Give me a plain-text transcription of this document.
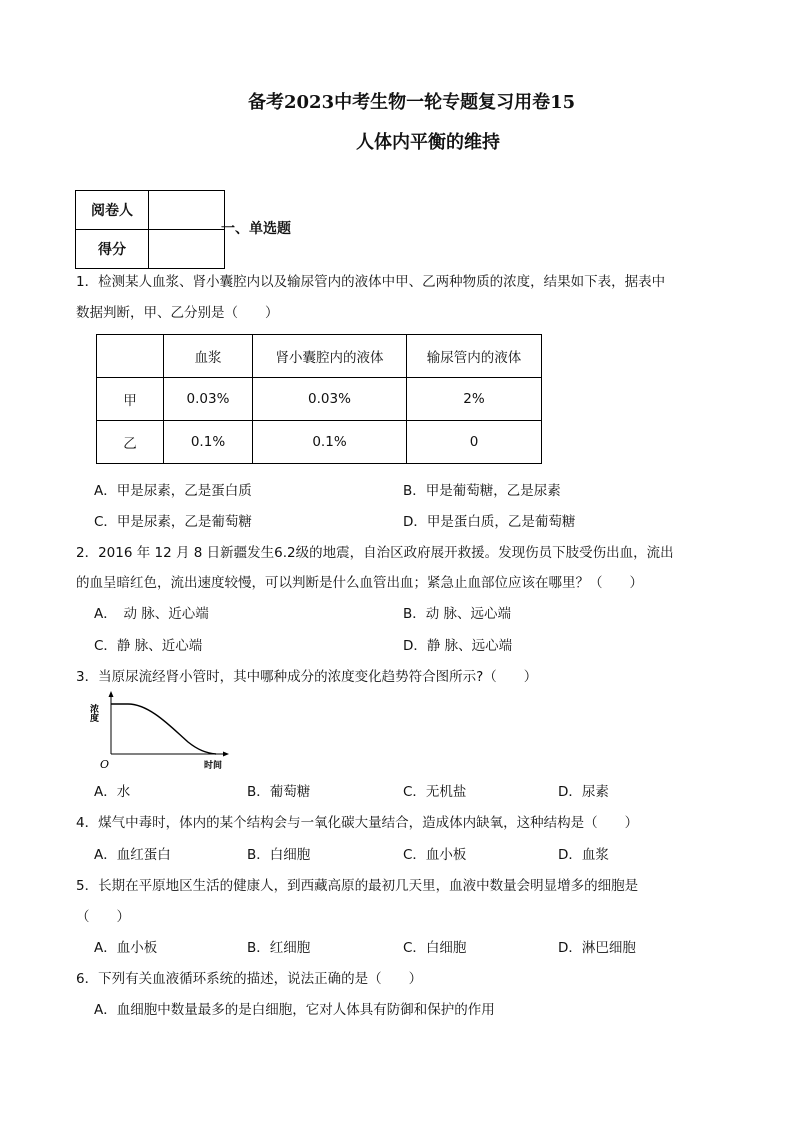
备考2023中考生物一轮专题复习用卷15
人体内平衡的维持
阅卷人	
得分	
一、单选题
1．检测某人血浆、肾小囊腔内以及输尿管内的液体中甲、乙两种物质的浓度，结果如下表，据表中
数据判断，甲、乙分别是（　　）
	血浆	肾小囊腔内的液体	输尿管内的液体
甲	0.03%	0.03%	2%
乙	0.1%	0.1%	0
A．甲是尿素，乙是蛋白质	B．甲是葡萄糖，乙是尿素
C．甲是尿素，乙是葡萄糖	D．甲是蛋白质，乙是葡萄糖
2．2016 年 12 月 8 日新疆发生6.2级的地震，自治区政府展开救援。发现伤员下肢受伤出血，流出
的血呈暗红色，流出速度较慢，可以判断是什么血管出血；紧急止血部位应该在哪里？（　　）
A．　动 脉、近心端	B．动 脉、远心端
C．静 脉、近心端	D．静 脉、远心端
3．当原尿流经肾小管时，其中哪种成分的浓度变化趋势符合图所示?（　　）
浓度
O	时间
A．水	B．葡萄糖	C．无机盐	D．尿素
4．煤气中毒时，体内的某个结构会与一氧化碳大量结合，造成体内缺氧，这种结构是（　　）
A．血红蛋白	B．白细胞	C．血小板	D．血浆
5．长期在平原地区生活的健康人，到西藏高原的最初几天里，血液中数量会明显增多的细胞是
（　　）
A．血小板	B．红细胞	C．白细胞	D．淋巴细胞
6．下列有关血液循环系统的描述，说法正确的是（　　）
A．血细胞中数量最多的是白细胞，它对人体具有防御和保护的作用
